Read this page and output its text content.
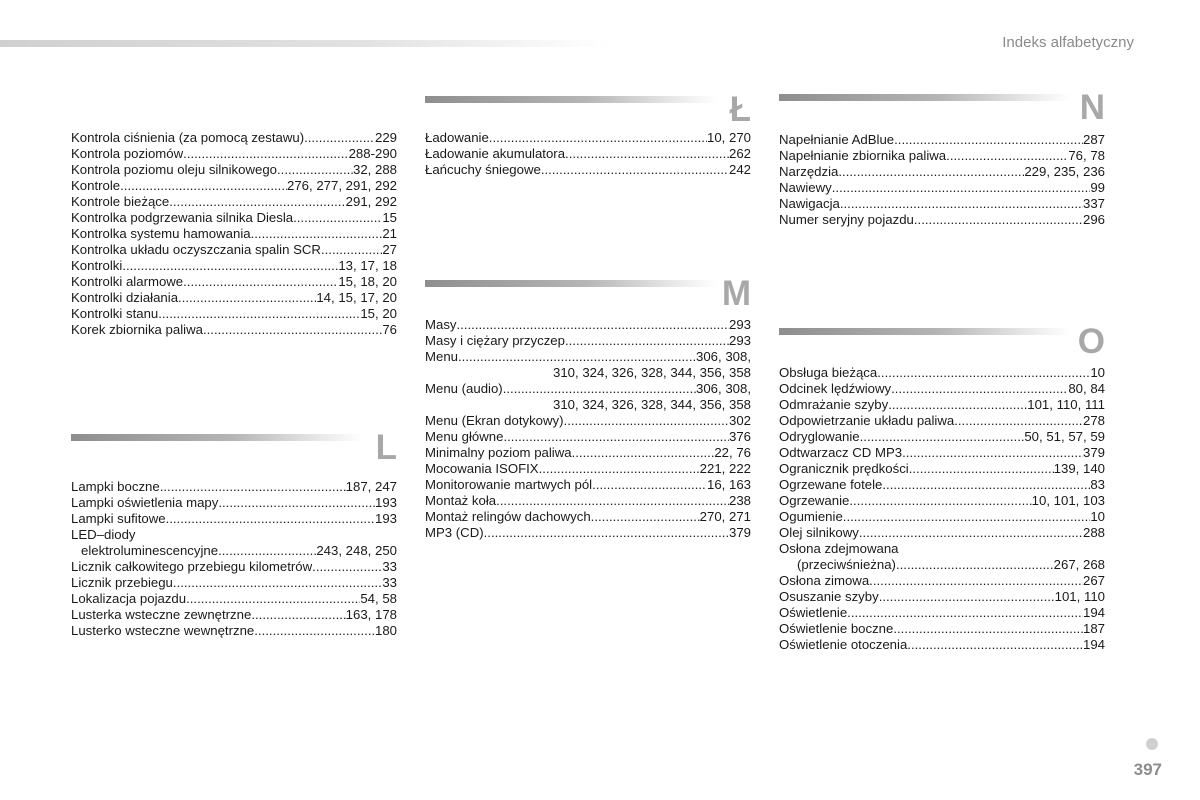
Indeks alfabetyczny
Kontrola ciśnienia (za pomocą zestawu) .....	229
Kontrola poziomów .....	288-290
Kontrola poziomu oleju silnikowego .....	32, 288
Kontrole .....	276, 277, 291, 292
Kontrole bieżące .....	291, 292
Kontrolka podgrzewania silnika Diesla .....	15
Kontrolka systemu hamowania .....	21
Kontrolka układu oczyszczania spalin SCR .....	27
Kontrolki .....	13, 17, 18
Kontrolki alarmowe .....	15, 18, 20
Kontrolki działania .....	14, 15, 17, 20
Kontrolki stanu .....	15, 20
Korek zbiornika paliwa .....	76
L
Lampki boczne .....	187, 247
Lampki oświetlenia mapy .....	193
Lampki sufitowe .....	193
LED–diody
elektroluminescencyjne .....	243, 248, 250
Licznik całkowitego przebiegu kilometrów .....	33
Licznik przebiegu .....	33
Lokalizacja pojazdu .....	54, 58
Lusterka wsteczne zewnętrzne .....	163, 178
Lusterko wsteczne wewnętrzne .....	180
Ł
Ładowanie .....	10, 270
Ładowanie akumulatora .....	262
Łańcuchy śniegowe .....	242
M
Masy .....	293
Masy i ciężary przyczep .....	293
Menu .....	306, 308,
310, 324, 326, 328, 344, 356, 358
Menu (audio) .....	306, 308,
310, 324, 326, 328, 344, 356, 358
Menu (Ekran dotykowy) .....	302
Menu główne .....	376
Minimalny poziom paliwa .....	22, 76
Mocowania ISOFIX .....	221, 222
Monitorowanie martwych pól .....	16, 163
Montaż koła .....	238
Montaż relingów dachowych .....	270, 271
MP3 (CD) .....	379
N
Napełnianie AdBlue .....	287
Napełnianie zbiornika paliwa .....	76, 78
Narzędzia .....	229, 235, 236
Nawiewy .....	99
Nawigacja .....	337
Numer seryjny pojazdu .....	296
O
Obsługa bieżąca .....	10
Odcinek lędźwiowy .....	80, 84
Odmrażanie szyby .....	101, 110, 111
Odpowietrzanie układu paliwa .....	278
Odryglowanie .....	50, 51, 57, 59
Odtwarzacz CD MP3 .....	379
Ogranicznik prędkości .....	139, 140
Ogrzewane fotele .....	83
Ogrzewanie .....	10, 101, 103
Ogumienie .....	10
Olej silnikowy .....	288
Osłona zdejmowana
(przeciwśnieżna) .....	267, 268
Osłona zimowa .....	267
Osuszanie szyby .....	101, 110
Oświetlenie .....	194
Oświetlenie boczne .....	187
Oświetlenie otoczenia .....	194
397
